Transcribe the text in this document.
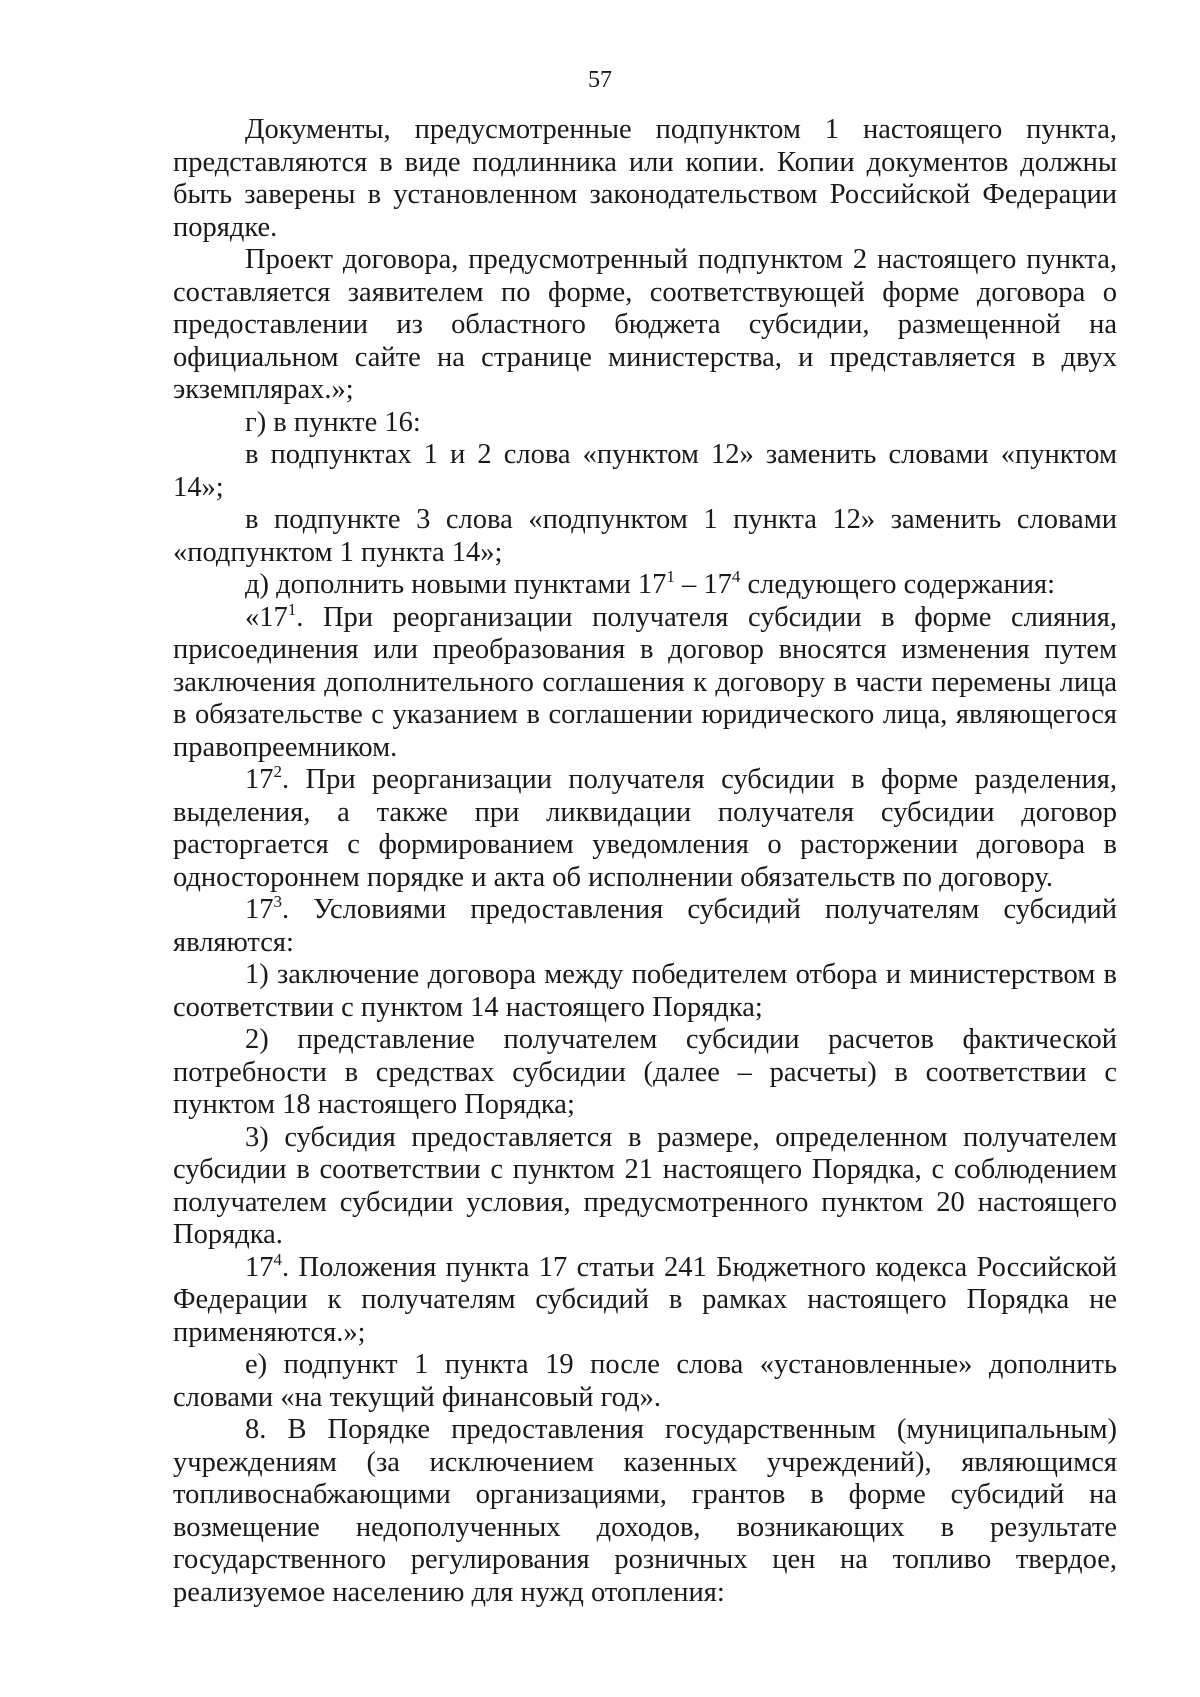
57

Документы, предусмотренные подпунктом 1 настоящего пункта, представляются в виде подлинника или копии. Копии документов должны быть заверены в установленном законодательством Российской Федерации порядке.

Проект договора, предусмотренный подпунктом 2 настоящего пункта, составляется заявителем по форме, соответствующей форме договора о предоставлении из областного бюджета субсидии, размещенной на официальном сайте на странице министерства, и представляется в двух экземплярах.»;

г) в пункте 16:

в подпунктах 1 и 2 слова «пунктом 12» заменить словами «пунктом 14»;

в подпункте 3 слова «подпунктом 1 пункта 12» заменить словами «подпунктом 1 пункта 14»;

д) дополнить новыми пунктами $17^1 - 17^4$ следующего содержания:

«$17^1$. При реорганизации получателя субсидии в форме слияния, присоединения или преобразования в договор вносятся изменения путем заключения дополнительного соглашения к договору в части перемены лица в обязательстве с указанием в соглашении юридического лица, являющегося правопреемником.

$17^2$. При реорганизации получателя субсидии в форме разделения, выделения, а также при ликвидации получателя субсидии договор расторгается с формированием уведомления о расторжении договора в одностороннем порядке и акта об исполнении обязательств по договору.

$17^3$. Условиями предоставления субсидий получателям субсидий являются:

1) заключение договора между победителем отбора и министерством в соответствии с пунктом 14 настоящего Порядка;

2) представление получателем субсидии расчетов фактической потребности в средствах субсидии (далее – расчеты) в соответствии с пунктом 18 настоящего Порядка;

3) субсидия предоставляется в размере, определенном получателем субсидии в соответствии с пунктом 21 настоящего Порядка, с соблюдением получателем субсидии условия, предусмотренного пунктом 20 настоящего Порядка.

$17^4$. Положения пункта 17 статьи 241 Бюджетного кодекса Российской Федерации к получателям субсидий в рамках настоящего Порядка не применяются.»;

е) подпункт 1 пункта 19 после слова «установленные» дополнить словами «на текущий финансовый год».

8. В Порядке предоставления государственным (муниципальным) учреждениям (за исключением казенных учреждений), являющимся топливоснабжающими организациями, грантов в форме субсидий на возмещение недополученных доходов, возникающих в результате государственного регулирования розничных цен на топливо твердое, реализуемое населению для нужд отопления:
